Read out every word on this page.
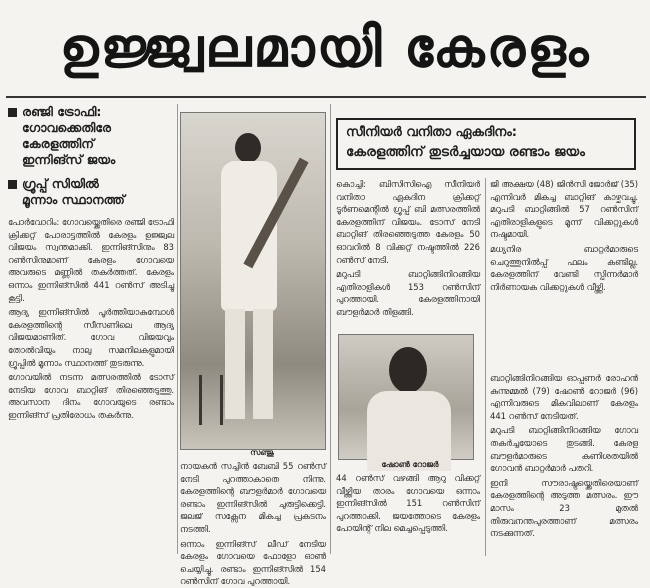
ഉജ്ജ്വലമായി കേരളം
രഞ്ജി ട്രോഫി:
ഗോവക്കെതിരേ
കേരളത്തിന്
ഇന്നിങ്സ് ജയം
ഗ്രൂപ്പ് സിയിൽ
മൂന്നാം സ്ഥാനത്ത്

പോർവോറിം: ഗോവയ്ക്കെതിരെ രഞ്ജി ട്രോഫി ക്രിക്കറ്റ് പോരാട്ടത്തിൽ കേരളം ഉജ്ജ്വല വിജയം സ്വന്തമാക്കി. ഇന്നിങ്സിനും 83 റൺസിനുമാണ് കേരളം ഗോവയെ അവരുടെ മണ്ണിൽ തകർത്തത്. കേരളം ഒന്നാം ഇന്നിങ്സിൽ 441 റൺസ് അടിച്ചു കൂട്ടി.

ആദ്യ ഇന്നിങ്സിൽ പൂർത്തിയാകുമ്പോൾ കേരളത്തിന്റെ സീസണിലെ ആദ്യ വിജയമാണിത്. ഗോവ വിജയവും തോൽവിയും നാലു സമനിലകളുമായി ഗ്രൂപ്പിൽ മൂന്നാം സ്ഥാനത്ത് തുടരുന്നു.

ഗോവയിൽ നടന്ന മത്സരത്തിൽ ടോസ് നേടിയ ഗോവ ബാറ്റിങ് തിരഞ്ഞെടുത്തു. അവസാന ദിനം ഗോവയുടെ രണ്ടാം ഇന്നിങ്സ് പ്രതിരോധം തകർന്നു.

സഞ്ജു

നായകൻ സച്ചിൻ ബേബി 55 റൺസ് നേടി പുറത്താകാതെ നിന്നു. കേരളത്തിന്റെ ബൗളർമാർ ഗോവയെ രണ്ടാം ഇന്നിങ്സിൽ ചുരുട്ടിക്കെട്ടി. ജലജ് സക്സേന മികച്ച പ്രകടനം നടത്തി.

ഒന്നാം ഇന്നിങ്സ് ലീഡ് നേടിയ കേരളം ഗോവയെ ഫോളോ ഓൺ ചെയ്യിച്ചു. രണ്ടാം ഇന്നിങ്സിൽ 154 റൺസിന് ഗോവ പുറത്തായി.

സീനിയർ വനിതാ ഏകദിനം:
കേരളത്തിന് തുടർച്ചയായ രണ്ടാം ജയം

കൊച്ചി: ബിസിസിഐ സീനിയർ വനിതാ ഏകദിന ക്രിക്കറ്റ് ടൂർണമെന്റിൽ ഗ്രൂപ്പ് ബി മത്സരത്തിൽ കേരളത്തിന് വിജയം. ടോസ് നേടി ബാറ്റിങ് തിരഞ്ഞെടുത്ത കേരളം 50 ഓവറിൽ 8 വിക്കറ്റ് നഷ്ടത്തിൽ 226 റൺസ് നേടി.

മറുപടി ബാറ്റിങ്ങിനിറങ്ങിയ എതിരാളികൾ 153 റൺസിന് പുറത്തായി. കേരളത്തിനായി ബൗളർമാർ തിളങ്ങി.

ജി അക്ഷയ (48) ജിൻസി ജോർജ് (35) എന്നിവർ മികച്ച ബാറ്റിങ് കാഴ്ചവച്ചു. മറുപടി ബാറ്റിങ്ങിൽ 57 റൺസിന് എതിരാളികളുടെ മൂന്ന് വിക്കറ്റുകൾ നഷ്ടമായി.

മധ്യനിര ബാറ്റർമാരുടെ ചെറുത്തുനിൽപ്പ് ഫലം കണ്ടില്ല. കേരളത്തിന് വേണ്ടി സ്പിന്നർമാർ നിർണായക വിക്കറ്റുകൾ വീഴ്ത്തി.

ഷോൺ റോജർ

44 റൺസ് വഴങ്ങി ആറു വിക്കറ്റ് വീഴ്ത്തിയ താരം ഗോവയെ ഒന്നാം ഇന്നിങ്സിൽ 151 റൺസിന് പുറത്താക്കി. ജയത്തോടെ കേരളം പോയിന്റ് നില മെച്ചപ്പെടുത്തി.

ബാറ്റിങ്ങിനിറങ്ങിയ ഓപ്പണർ രോഹൻ കുന്നുമ്മൽ (79) ഷോൺ റോജർ (96) എന്നിവരുടെ മികവിലാണ് കേരളം 441 റൺസ് നേടിയത്.

മറുപടി ബാറ്റിങ്ങിനിറങ്ങിയ ഗോവ തകർച്ചയോടെ തുടങ്ങി. കേരള ബൗളർമാരുടെ കണിശതയിൽ ഗോവൻ ബാറ്റർമാർ പതറി.

ഇനി സൗരാഷ്ട്രയ്ക്കെതിരെയാണ് കേരളത്തിന്റെ അടുത്ത മത്സരം. ഈ മാസം 23 മുതൽ തിരുവനന്തപുരത്താണ് മത്സരം നടക്കുന്നത്.
